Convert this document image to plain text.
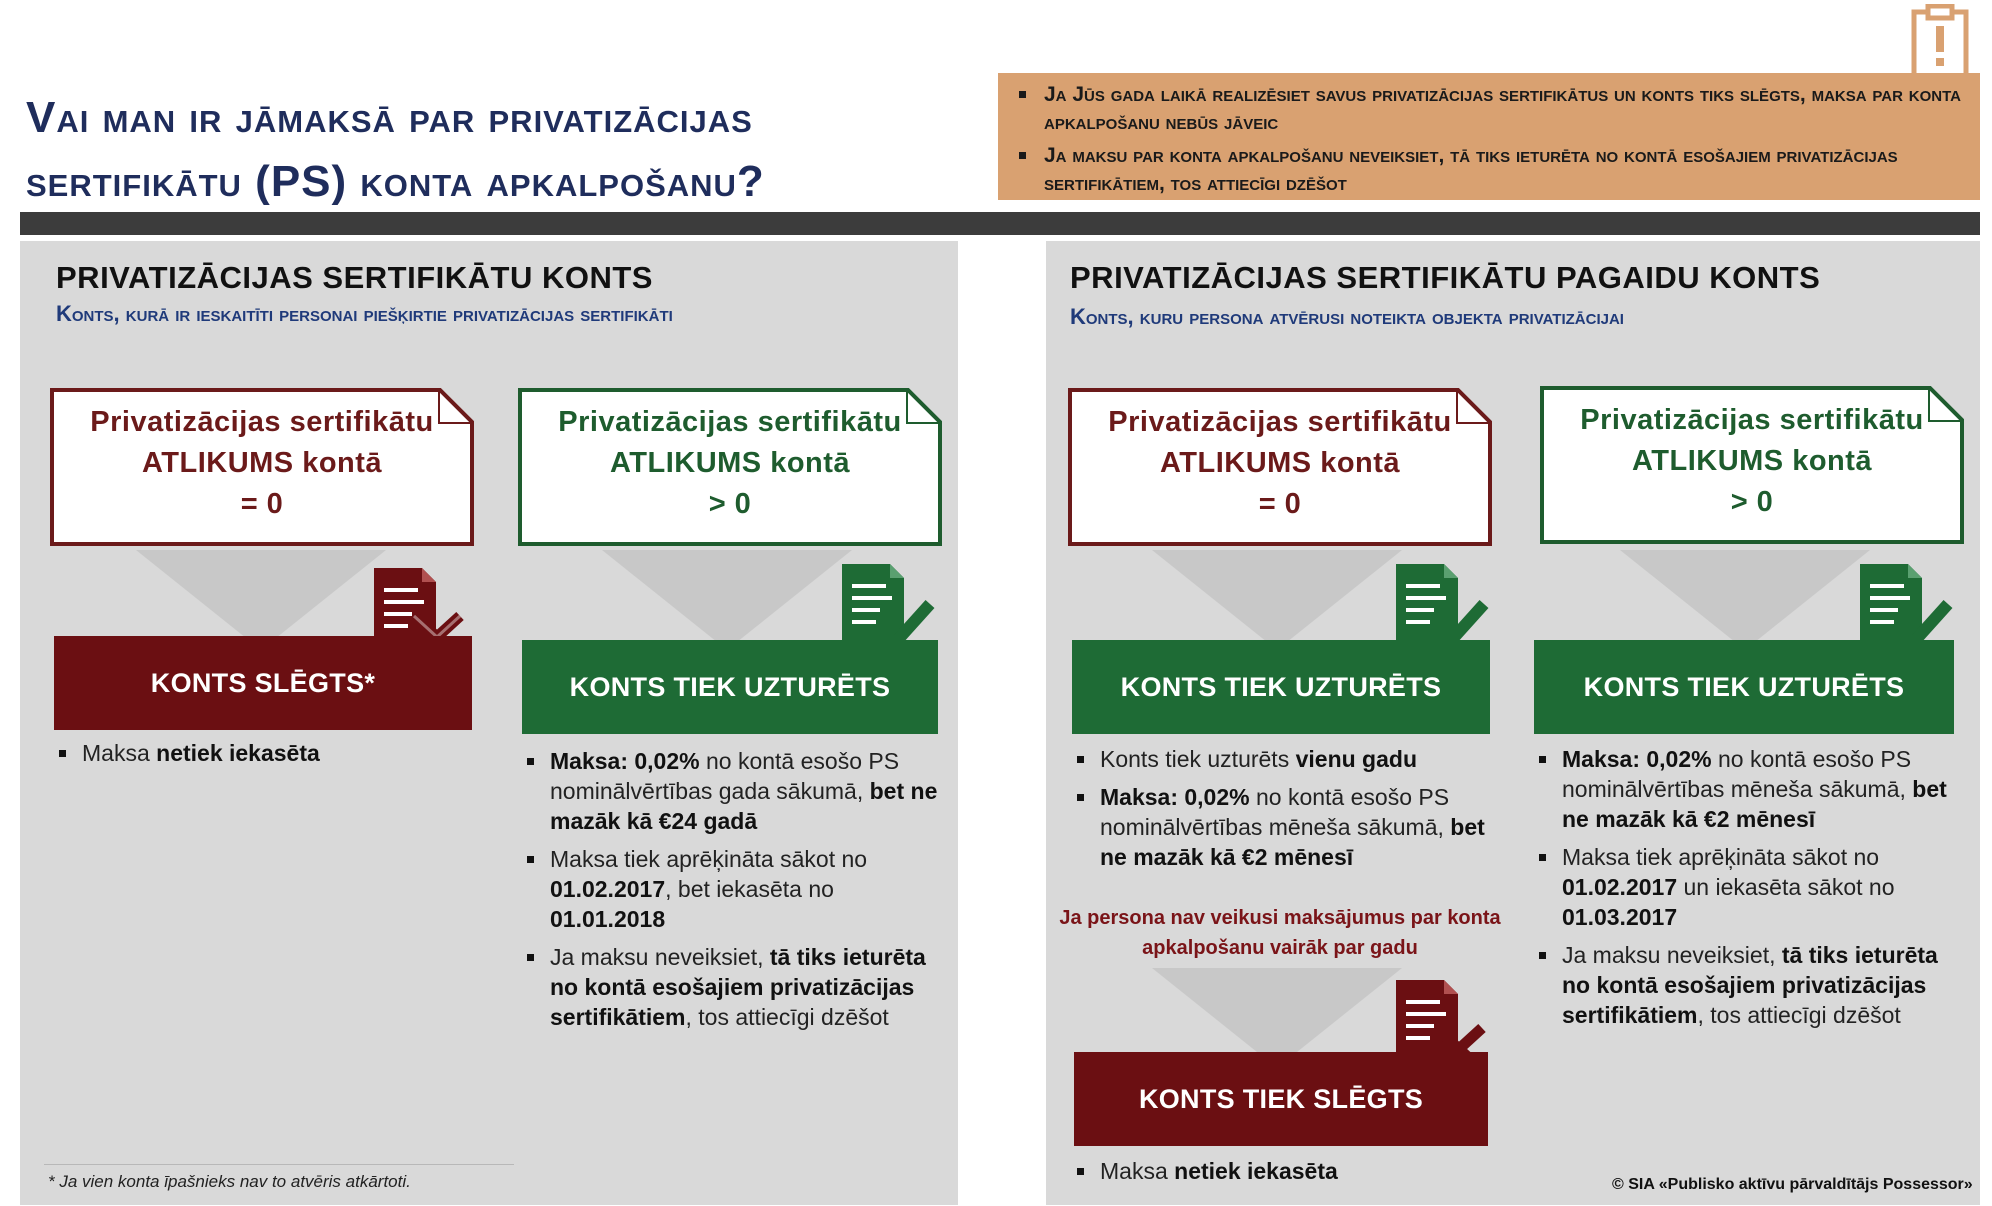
Vai man ir jāmaksā par privatizācijas
sertifikātu (PS) konta apkalpošanu?
Ja Jūs gada laikā realizēsiet savus privatizācijas sertifikātus un konts tiks slēgts, maksa par konta apkalpošanu nebūs jāveic
Ja maksu par konta apkalpošanu neveiksiet, tā tiks ieturēta no kontā esošajiem privatizācijas sertifikātiem, tos attiecīgi dzēšot
PRIVATIZĀCIJAS SERTIFIKĀTU KONTS
Konts, kurā ir ieskaitīti personai piešķirtie privatizācijas sertifikāti
Privatizācijas sertifikātu
ATLIKUMS kontā
= 0
KONTS SLĒGTS*
Maksa netiek iekasēta
Privatizācijas sertifikātu
ATLIKUMS kontā
> 0
KONTS TIEK UZTURĒTS
Maksa: 0,02% no kontā esošo PS nominālvērtības gada sākumā, bet ne mazāk kā €24 gadā
Maksa tiek aprēķināta sākot no 01.02.2017, bet iekasēta no 01.01.2018
Ja maksu neveiksiet, tā tiks ieturēta no kontā esošajiem privatizācijas sertifikātiem, tos attiecīgi dzēšot
* Ja vien konta īpašnieks nav to atvēris atkārtoti.
PRIVATIZĀCIJAS SERTIFIKĀTU PAGAIDU KONTS
Konts, kuru persona atvērusi noteikta objekta privatizācijai
Privatizācijas sertifikātu
ATLIKUMS kontā
= 0
KONTS TIEK UZTURĒTS
Konts tiek uzturēts vienu gadu
Maksa: 0,02% no kontā esošo PS nominālvērtības mēneša sākumā, bet ne mazāk kā €2 mēnesī
Ja persona nav veikusi maksājumus par konta apkalpošanu vairāk par gadu
KONTS TIEK SLĒGTS
Maksa netiek iekasēta
Privatizācijas sertifikātu
ATLIKUMS kontā
> 0
KONTS TIEK UZTURĒTS
Maksa: 0,02% no kontā esošo PS nominālvērtības mēneša sākumā, bet ne mazāk kā €2 mēnesī
Maksa tiek aprēķināta sākot no 01.02.2017 un iekasēta sākot no 01.03.2017
Ja maksu neveiksiet, tā tiks ieturēta no kontā esošajiem privatizācijas sertifikātiem, tos attiecīgi dzēšot
© SIA «Publisko aktīvu pārvaldītājs Possessor»
